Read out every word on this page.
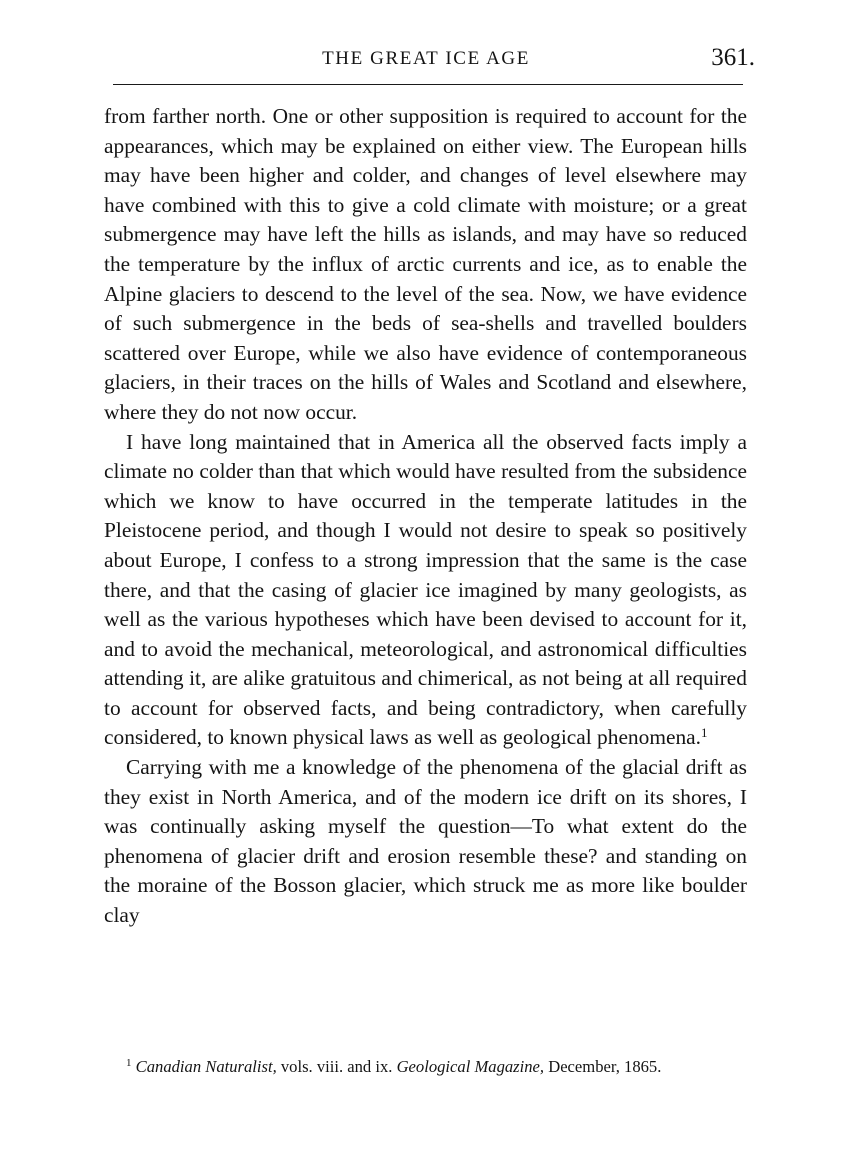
THE GREAT ICE AGE	361.

from farther north. One or other supposition is required to account for the appearances, which may be explained on either view. The European hills may have been higher and colder, and changes of level elsewhere may have combined with this to give a cold climate with moisture; or a great submergence may have left the hills as islands, and may have so reduced the temperature by the influx of arctic currents and ice, as to enable the Alpine glaciers to descend to the level of the sea. Now, we have evidence of such submergence in the beds of sea-shells and travelled boulders scattered over Europe, while we also have evidence of contemporaneous glaciers, in their traces on the hills of Wales and Scotland and elsewhere, where they do not now occur.

I have long maintained that in America all the observed facts imply a climate no colder than that which would have resulted from the subsidence which we know to have occurred in the temperate latitudes in the Pleistocene period, and though I would not desire to speak so positively about Europe, I confess to a strong impression that the same is the case there, and that the casing of glacier ice imagined by many geologists, as well as the various hypotheses which have been devised to account for it, and to avoid the mechanical, meteorological, and astronomical difficulties attending it, are alike gratuitous and chimerical, as not being at all required to account for observed facts, and being contradictory, when carefully considered, to known physical laws as well as geological phenomena.$^1$

Carrying with me a knowledge of the phenomena of the glacial drift as they exist in North America, and of the modern ice drift on its shores, I was continually asking myself the question—To what extent do the phenomena of glacier drift and erosion resemble these? and standing on the moraine of the Bosson glacier, which struck me as more like boulder clay

$^1$ Canadian Naturalist, vols. viii. and ix. Geological Magazine, December, 1865.
